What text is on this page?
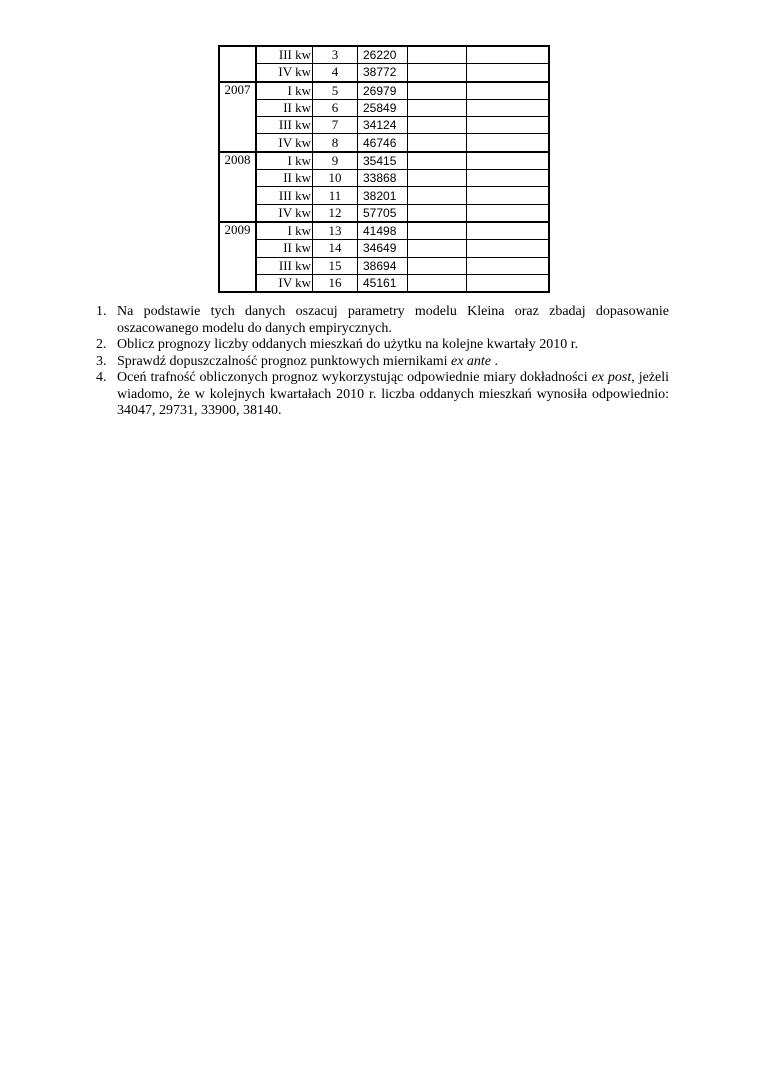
	III kw	3	26220		
	IV kw	4	38772		
2007	I kw	5	26979		
	II kw	6	25849		
	III kw	7	34124		
	IV kw	8	46746		
2008	I kw	9	35415		
	II kw	10	33868		
	III kw	11	38201		
	IV kw	12	57705		
2009	I kw	13	41498		
	II kw	14	34649		
	III kw	15	38694		
	IV kw	16	45161		
1. Na podstawie tych danych oszacuj parametry modelu Kleina oraz zbadaj dopasowanie
oszacowanego modelu do danych empirycznych.
2. Oblicz prognozy liczby oddanych mieszkań do użytku na kolejne kwartały 2010 r.
3. Sprawdź dopuszczalność prognoz punktowych miernikami ex ante .
4. Oceń trafność obliczonych prognoz wykorzystując odpowiednie miary dokładności ex post, jeżeli
wiadomo, że w kolejnych kwartałach 2010 r. liczba oddanych mieszkań wynosiła odpowiednio:
34047, 29731, 33900, 38140.
